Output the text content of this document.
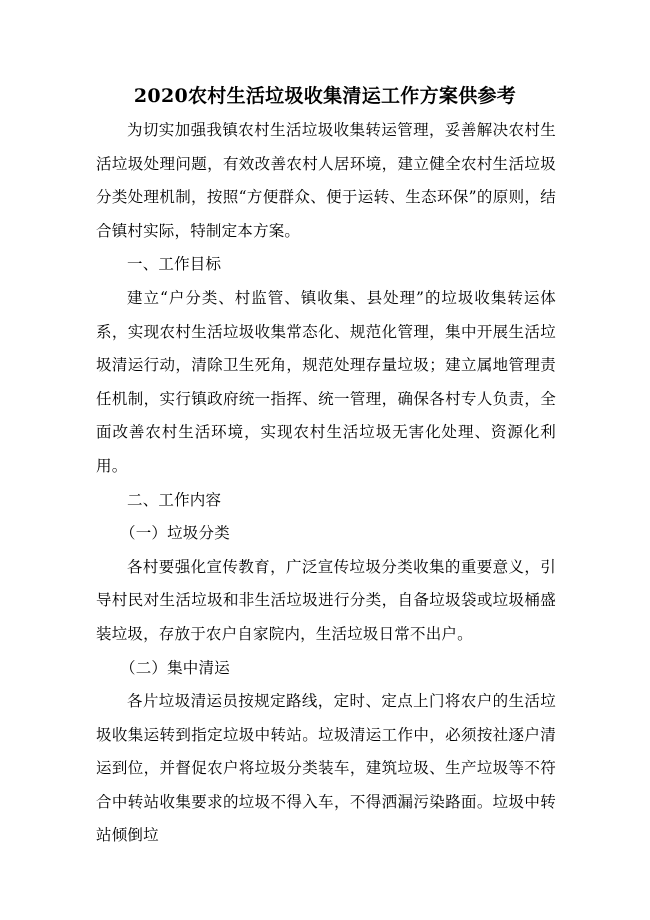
2020农村生活垃圾收集清运工作方案供参考

为切实加强我镇农村生活垃圾收集转运管理，妥善解决农村生活垃圾处理问题，有效改善农村人居环境，建立健全农村生活垃圾分类处理机制，按照“方便群众、便于运转、生态环保”的原则，结合镇村实际，特制定本方案。

一、工作目标

建立“户分类、村监管、镇收集、县处理”的垃圾收集转运体系，实现农村生活垃圾收集常态化、规范化管理，集中开展生活垃圾清运行动，清除卫生死角，规范处理存量垃圾；建立属地管理责任机制，实行镇政府统一指挥、统一管理，确保各村专人负责，全面改善农村生活环境，实现农村生活垃圾无害化处理、资源化利用。

二、工作内容

（一）垃圾分类

各村要强化宣传教育，广泛宣传垃圾分类收集的重要意义，引导村民对生活垃圾和非生活垃圾进行分类，自备垃圾袋或垃圾桶盛装垃圾，存放于农户自家院内，生活垃圾日常不出户。

（二）集中清运

各片垃圾清运员按规定路线，定时、定点上门将农户的生活垃圾收集运转到指定垃圾中转站。垃圾清运工作中，必须按社逐户清运到位，并督促农户将垃圾分类装车，建筑垃圾、生产垃圾等不符合中转站收集要求的垃圾不得入车，不得洒漏污染路面。垃圾中转站倾倒垃
